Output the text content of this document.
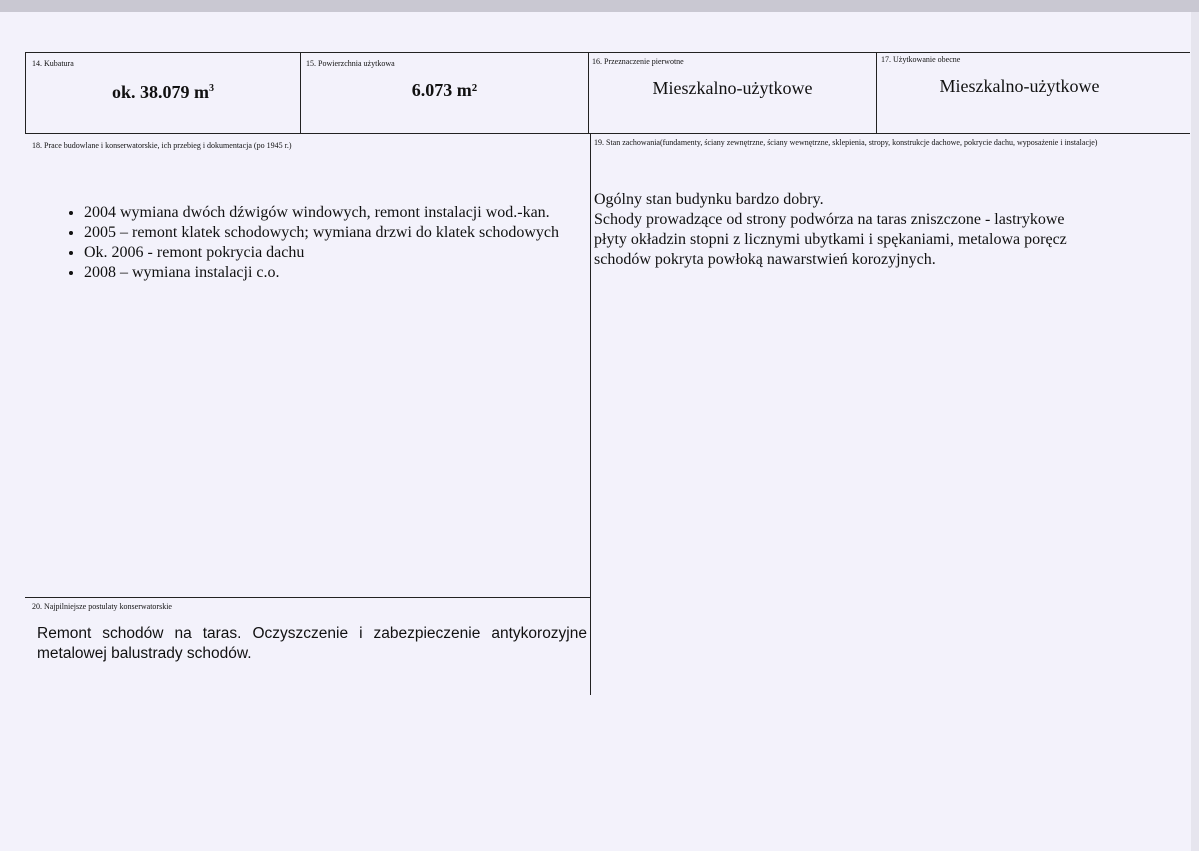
14. Kubatura
ok. 38.079 $m^3$
15. Powierzchnia użytkowa
6.073 m²
16. Przeznaczenie pierwotne
Mieszkalno-użytkowe
17. Użytkowanie obecne
Mieszkalno-użytkowe
18. Prace budowlane i konserwatorskie, ich przebieg i dokumentacja (po 1945 r.)
• 2004 wymiana dwóch dźwigów windowych, remont instalacji wod.-kan.
• 2005 – remont klatek schodowych; wymiana drzwi do klatek schodowych
• Ok. 2006 - remont pokrycia dachu
• 2008 – wymiana instalacji c.o.
19. Stan zachowania(fundamenty, ściany zewnętrzne, ściany wewnętrzne, sklepienia, stropy, konstrukcje dachowe, pokrycie dachu, wyposażenie i instalacje)
Ogólny stan budynku bardzo dobry.
Schody prowadzące od strony podwórza na taras zniszczone - lastrykowe
płyty okładzin stopni z licznymi ubytkami i spękaniami, metalowa poręcz
schodów pokryta powłoką nawarstwień korozyjnych.
20. Najpilniejsze postulaty konserwatorskie
Remont schodów na taras. Oczyszczenie i zabezpieczenie antykorozyjne metalowej balustrady schodów.
